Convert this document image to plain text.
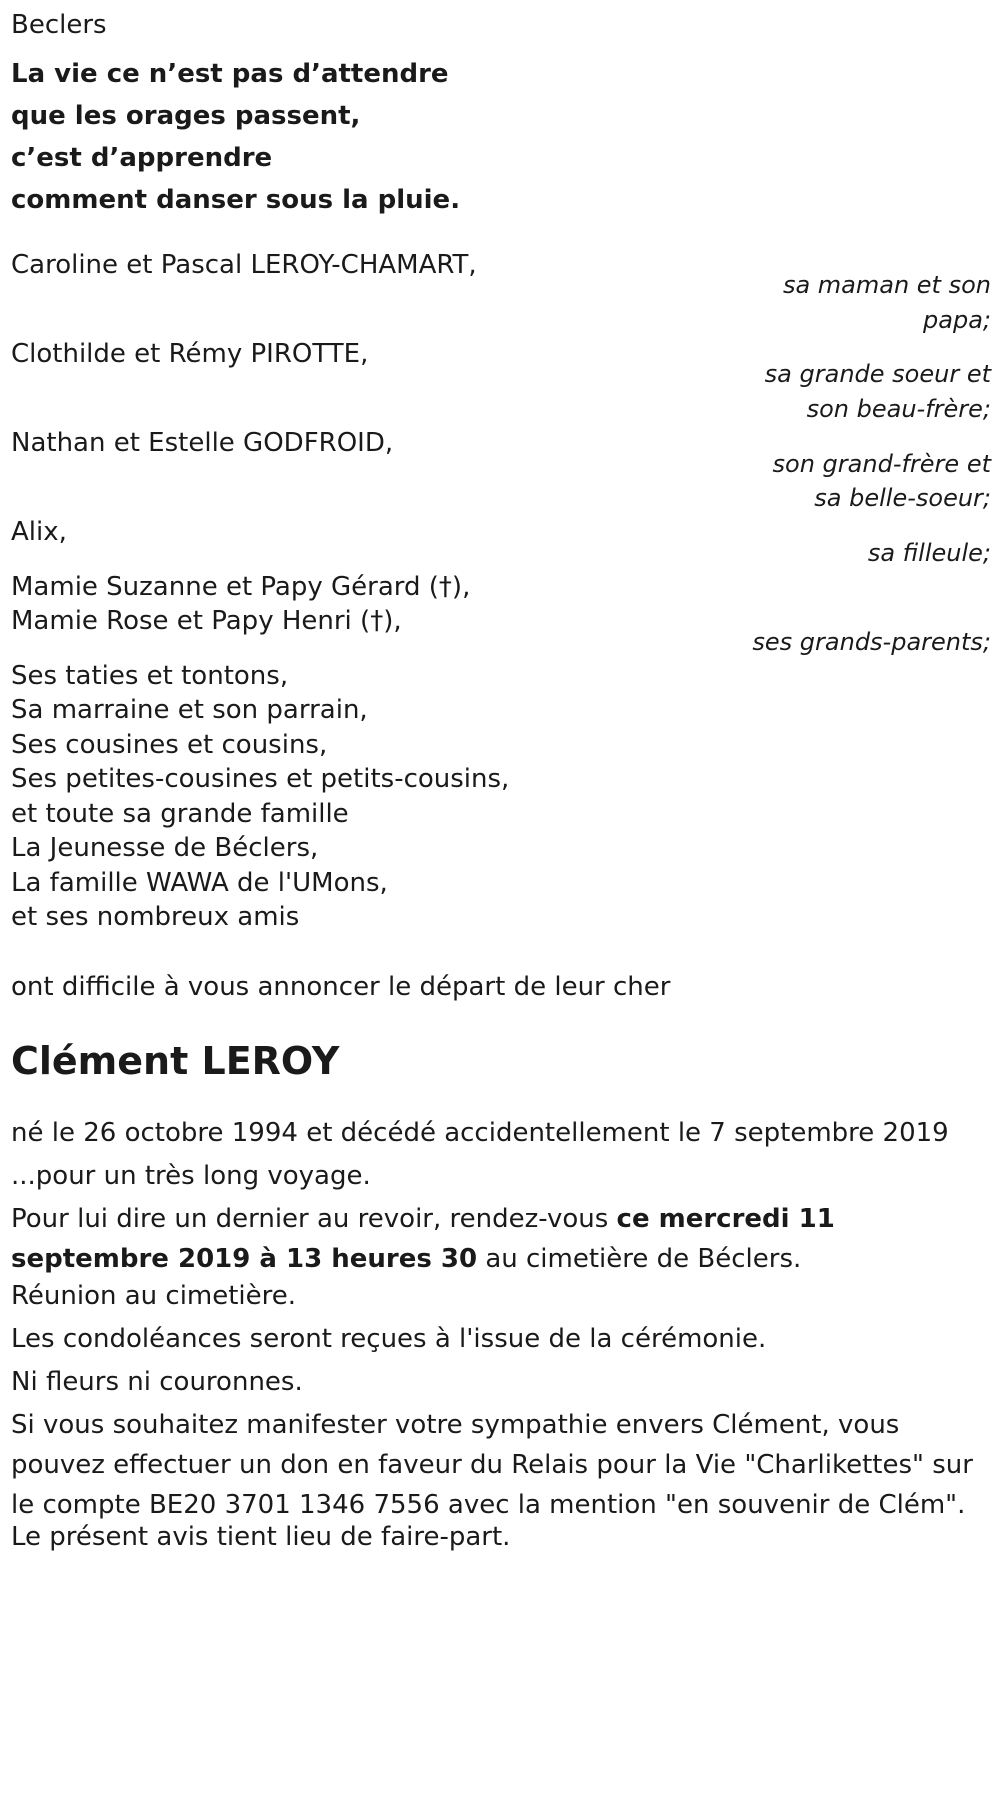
Beclers
La vie ce n’est pas d’attendre
que les orages passent,
c’est d’apprendre
comment danser sous la pluie.
Caroline et Pascal LEROY-CHAMART,
sa maman et son
papa;
Clothilde et Rémy PIROTTE,
sa grande soeur et
son beau-frère;
Nathan et Estelle GODFROID,
son grand-frère et
sa belle-soeur;
Alix,
sa filleule;
Mamie Suzanne et Papy Gérard (†),
Mamie Rose et Papy Henri (†),
ses grands-parents;
Ses taties et tontons,
Sa marraine et son parrain,
Ses cousines et cousins,
Ses petites-cousines et petits-cousins,
et toute sa grande famille
La Jeunesse de Béclers,
La famille WAWA de l'UMons,
et ses nombreux amis
ont difficile à vous annoncer le départ de leur cher
Clément LEROY
né le 26 octobre 1994 et décédé accidentellement le 7 septembre 2019
...pour un très long voyage.
Pour lui dire un dernier au revoir, rendez-vous ce mercredi 11 septembre 2019 à 13 heures 30 au cimetière de Béclers.
Réunion au cimetière.
Les condoléances seront reçues à l'issue de la cérémonie.
Ni fleurs ni couronnes.
Si vous souhaitez manifester votre sympathie envers Clément, vous pouvez effectuer un don en faveur du Relais pour la Vie "Charlikettes" sur le compte BE20 3701 1346 7556 avec la mention "en souvenir de Clém".
Le présent avis tient lieu de faire-part.
